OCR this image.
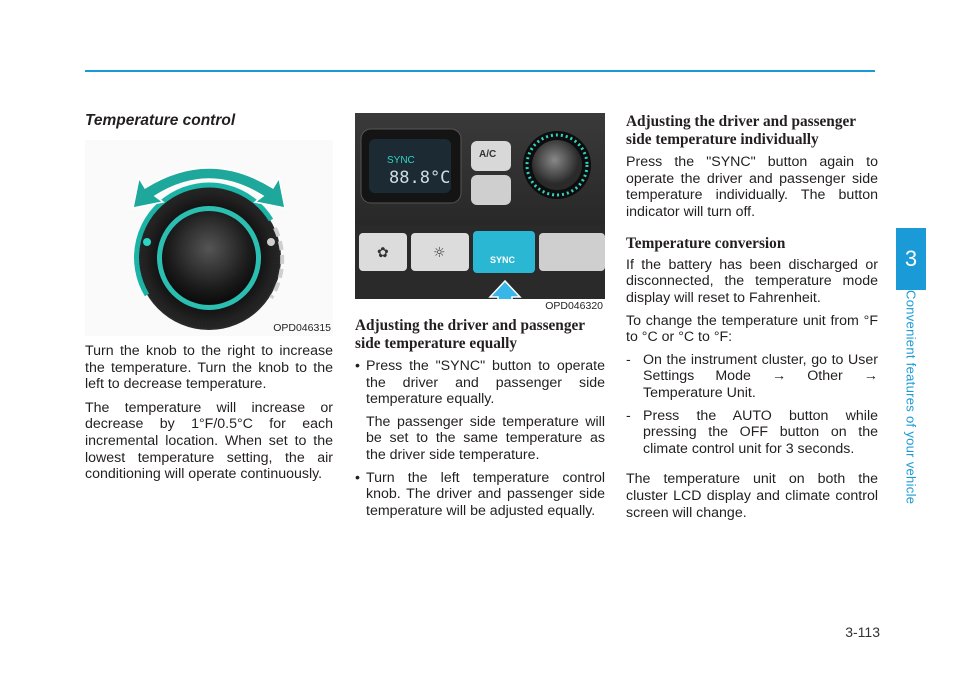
3
Convenient features of your vehicle
3-113
Temperature control
OPD046315

Turn the knob to the right to increase the temperature. Turn the knob to the left to decrease temperature.

The temperature will increase or decrease by 1°F/0.5°C for each incremental location. When set to the lowest temperature setting, the air conditioning will operate continuously.

✿	☼
SYNC
88.8°C
A/C
SYNC
OPD046320
Adjusting the driver and passenger side temperature equally

• Press the "SYNC" button to operate the driver and passenger side temperature equally.

The passenger side temperature will be set to the same temperature as the driver side temperature.

• Turn the left temperature control knob. The driver and passenger side temperature will be adjusted equally.

Adjusting the driver and passenger side temperature individually

Press the "SYNC" button again to operate the driver and passenger side temperature individually. The button indicator will turn off.

Temperature conversion

If the battery has been discharged or disconnected, the temperature mode display will reset to Fahrenheit.

To change the temperature unit from °F to °C or °C to °F:

- On the instrument cluster, go to User Settings Mode → Other → Temperature Unit.
- Press the AUTO button while pressing the OFF button on the climate control unit for 3 seconds.

The temperature unit on both the cluster LCD display and climate control screen will change.
